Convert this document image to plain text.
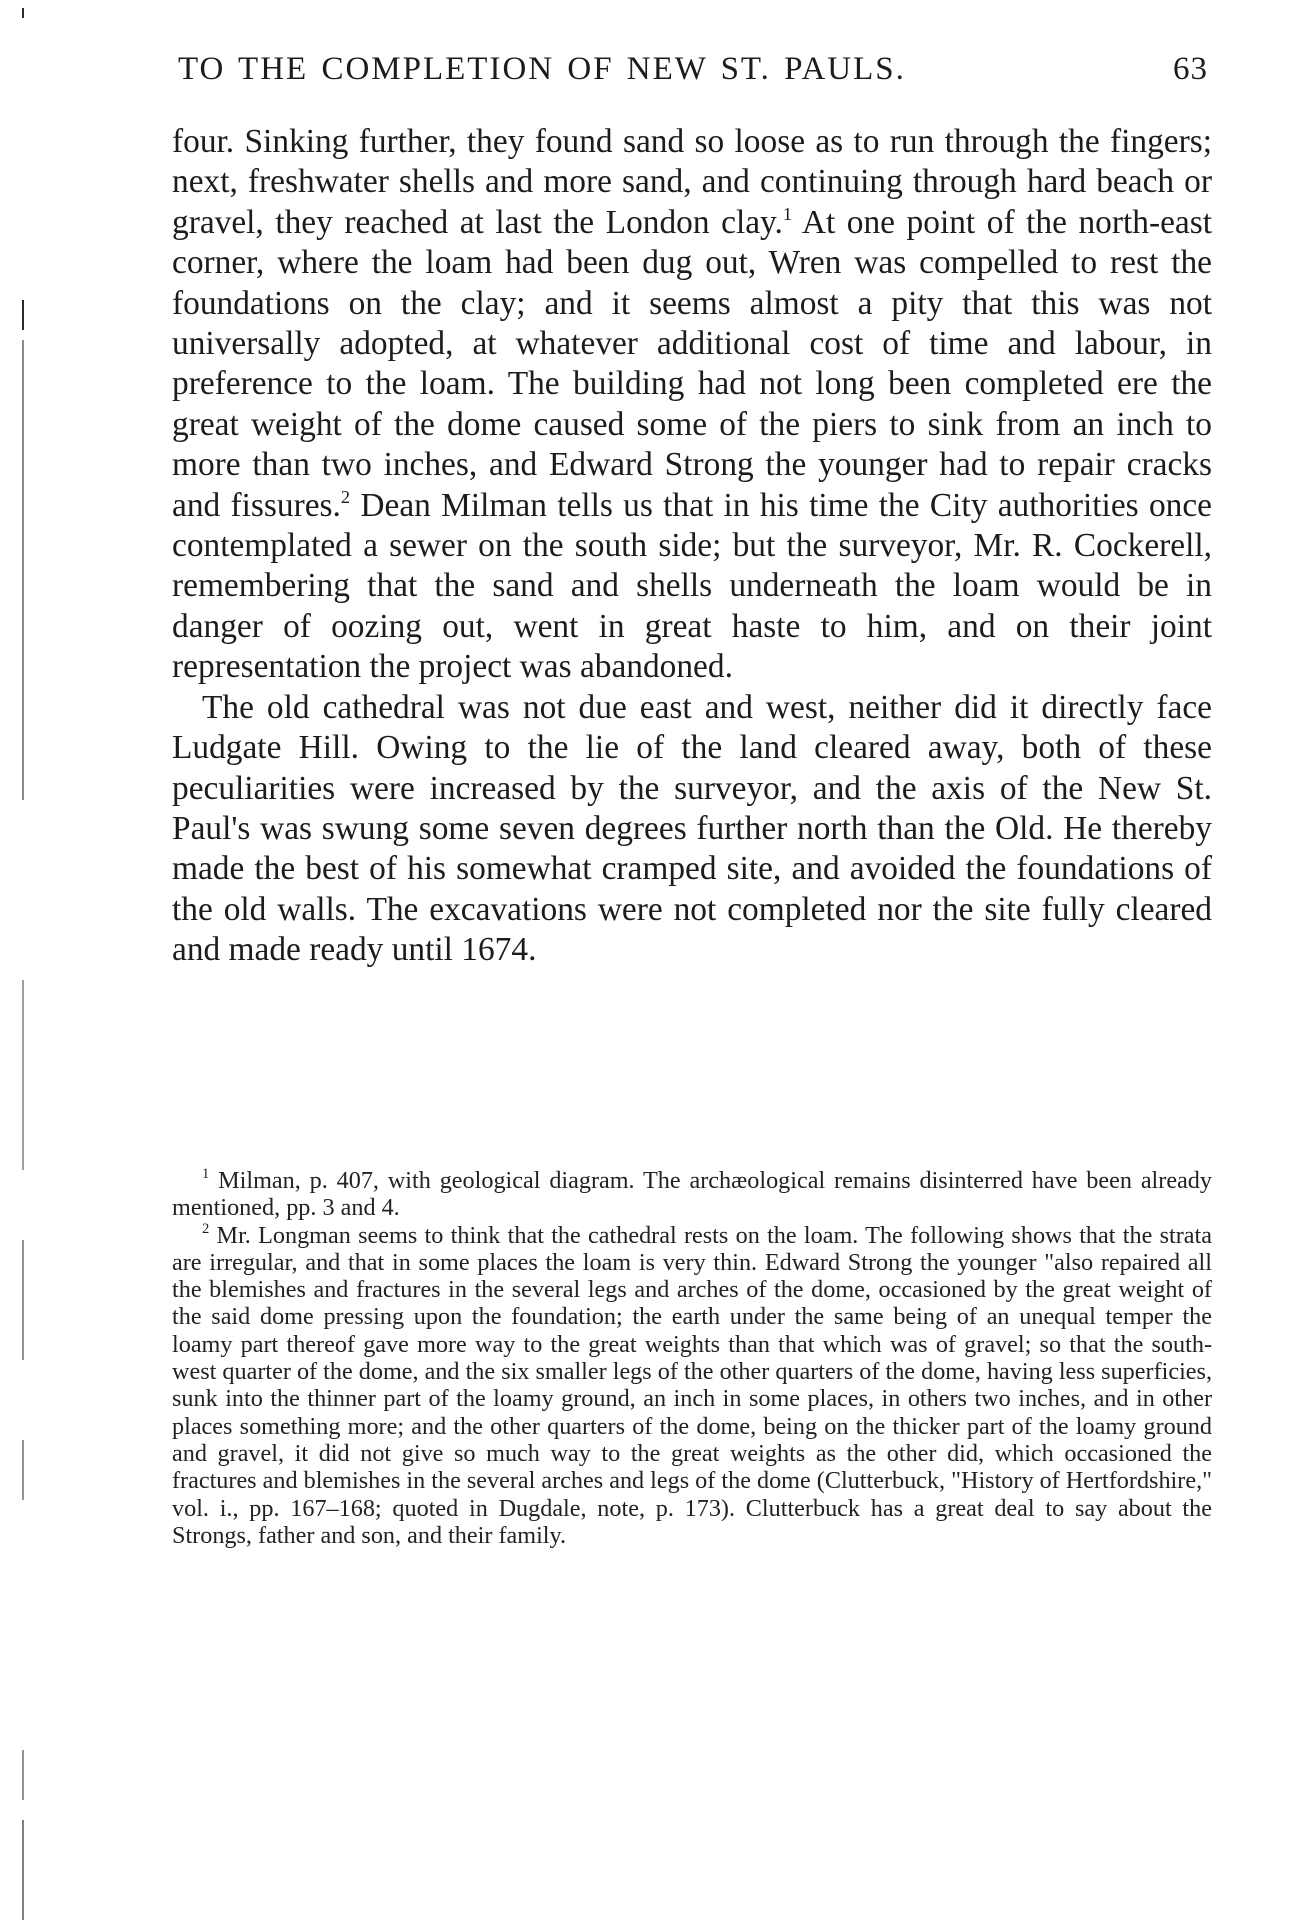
TO THE COMPLETION OF NEW ST. PAULS.	63

four. Sinking further, they found sand so loose as to run through the fingers; next, freshwater shells and more sand, and continuing through hard beach or gravel, they reached at last the London clay.$^1$ At one point of the north-east corner, where the loam had been dug out, Wren was compelled to rest the foundations on the clay; and it seems almost a pity that this was not universally adopted, at whatever additional cost of time and labour, in preference to the loam. The building had not long been completed ere the great weight of the dome caused some of the piers to sink from an inch to more than two inches, and Edward Strong the younger had to repair cracks and fissures.$^2$ Dean Milman tells us that in his time the City authorities once contemplated a sewer on the south side; but the surveyor, Mr. R. Cockerell, remembering that the sand and shells underneath the loam would be in danger of oozing out, went in great haste to him, and on their joint representation the project was abandoned.

The old cathedral was not due east and west, neither did it directly face Ludgate Hill. Owing to the lie of the land cleared away, both of these peculiarities were increased by the surveyor, and the axis of the New St. Paul's was swung some seven degrees further north than the Old. He thereby made the best of his somewhat cramped site, and avoided the foundations of the old walls. The excavations were not completed nor the site fully cleared and made ready until 1674.

$^1$ Milman, p. 407, with geological diagram. The archæological remains disinterred have been already mentioned, pp. 3 and 4.

$^2$ Mr. Longman seems to think that the cathedral rests on the loam. The following shows that the strata are irregular, and that in some places the loam is very thin. Edward Strong the younger "also repaired all the blemishes and fractures in the several legs and arches of the dome, occasioned by the great weight of the said dome pressing upon the foundation; the earth under the same being of an unequal temper the loamy part thereof gave more way to the great weights than that which was of gravel; so that the south-west quarter of the dome, and the six smaller legs of the other quarters of the dome, having less superficies, sunk into the thinner part of the loamy ground, an inch in some places, in others two inches, and in other places something more; and the other quarters of the dome, being on the thicker part of the loamy ground and gravel, it did not give so much way to the great weights as the other did, which occasioned the fractures and blemishes in the several arches and legs of the dome (Clutterbuck, "History of Hertfordshire," vol. i., pp. 167–168; quoted in Dugdale, note, p. 173). Clutterbuck has a great deal to say about the Strongs, father and son, and their family.
